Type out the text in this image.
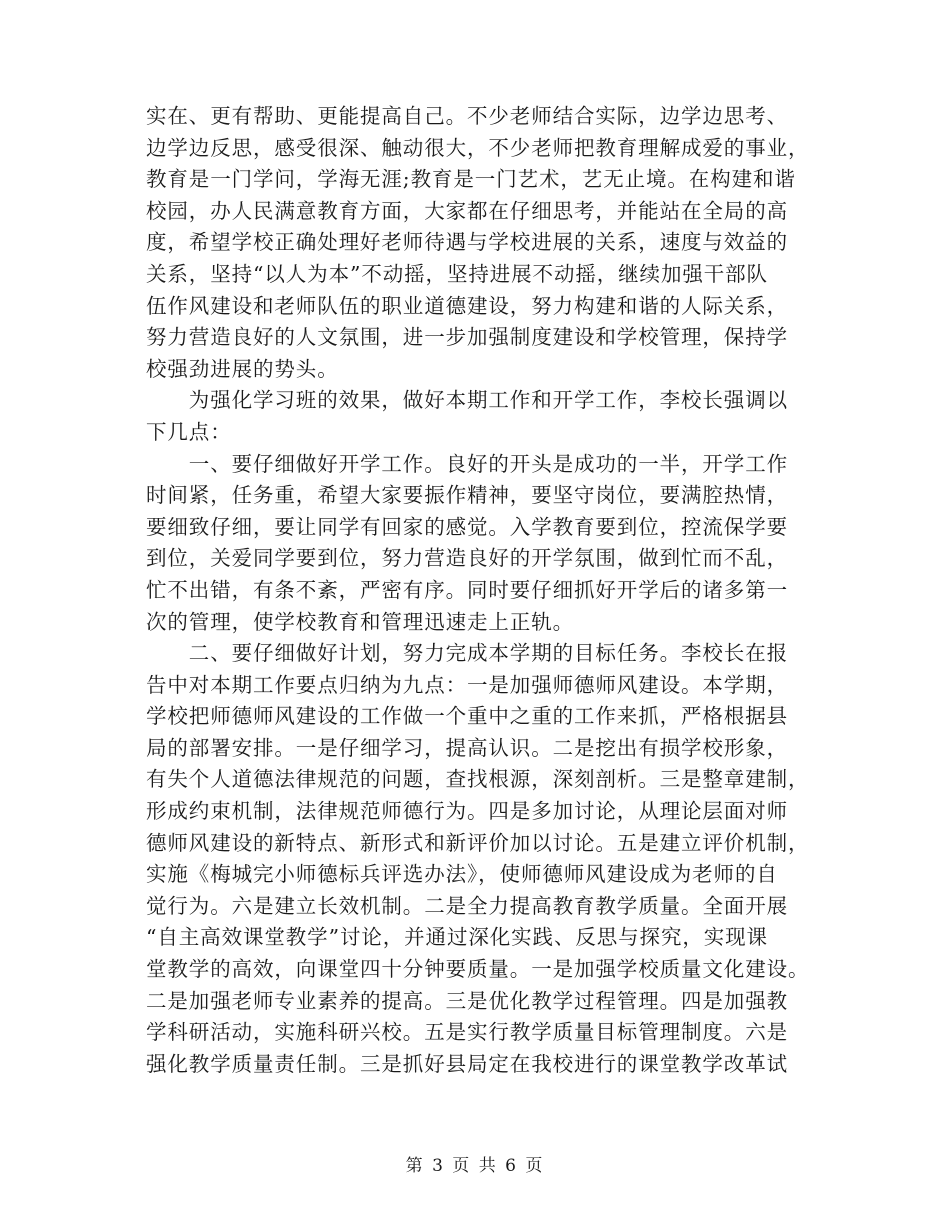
实在、更有帮助、更能提高自己。不少老师结合实际，边学边思考、
边学边反思，感受很深、触动很大，不少老师把教育理解成爱的事业，
教育是一门学问，学海无涯;教育是一门艺术，艺无止境。在构建和谐
校园，办人民满意教育方面，大家都在仔细思考，并能站在全局的高
度，希望学校正确处理好老师待遇与学校进展的关系，速度与效益的
关系，坚持“以人为本”不动摇，坚持进展不动摇，继续加强干部队
伍作风建设和老师队伍的职业道德建设，努力构建和谐的人际关系，
努力营造良好的人文氛围，进一步加强制度建设和学校管理，保持学
校强劲进展的势头。
　　为强化学习班的效果，做好本期工作和开学工作，李校长强调以
下几点：
　　一、要仔细做好开学工作。良好的开头是成功的一半，开学工作
时间紧，任务重，希望大家要振作精神，要坚守岗位，要满腔热情，
要细致仔细，要让同学有回家的感觉。入学教育要到位，控流保学要
到位，关爱同学要到位，努力营造良好的开学氛围，做到忙而不乱，
忙不出错，有条不紊，严密有序。同时要仔细抓好开学后的诸多第一
次的管理，使学校教育和管理迅速走上正轨。
　　二、要仔细做好计划，努力完成本学期的目标任务。李校长在报
告中对本期工作要点归纳为九点：一是加强师德师风建设。本学期，
学校把师德师风建设的工作做一个重中之重的工作来抓，严格根据县
局的部署安排。一是仔细学习，提高认识。二是挖出有损学校形象，
有失个人道德法律规范的问题，查找根源，深刻剖析。三是整章建制，
形成约束机制，法律规范师德行为。四是多加讨论，从理论层面对师
德师风建设的新特点、新形式和新评价加以讨论。五是建立评价机制，
实施《梅城完小师德标兵评选办法》，使师德师风建设成为老师的自
觉行为。六是建立长效机制。二是全力提高教育教学质量。全面开展
“自主高效课堂教学”讨论，并通过深化实践、反思与探究，实现课
堂教学的高效，向课堂四十分钟要质量。一是加强学校质量文化建设。
二是加强老师专业素养的提高。三是优化教学过程管理。四是加强教
学科研活动，实施科研兴校。五是实行教学质量目标管理制度。六是
强化教学质量责任制。三是抓好县局定在我校进行的课堂教学改革试
第 3 页 共 6 页
